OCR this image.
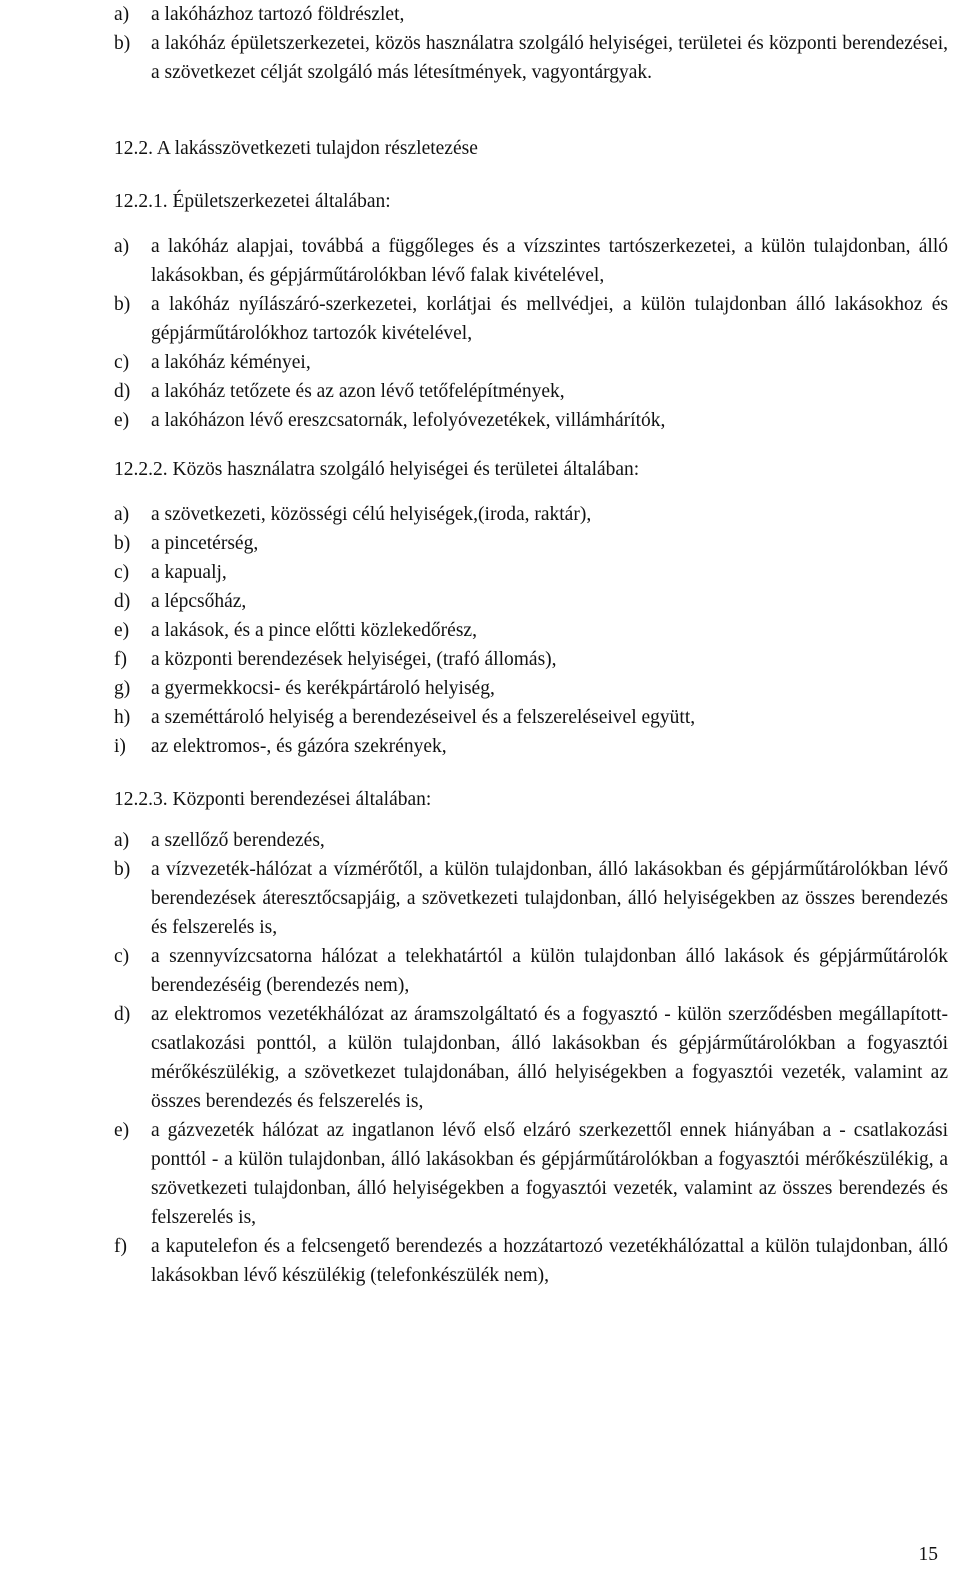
a) a lakóházhoz tartozó földrészlet,

b) a lakóház épületszerkezetei, közös használatra szolgáló helyiségei, területei és központi berendezései, a szövetkezet célját szolgáló más létesítmények, vagyontárgyak.

12.2. A lakásszövetkezeti tulajdon részletezése

12.2.1. Épületszerkezetei általában:

a) a lakóház alapjai, továbbá a függőleges és a vízszintes tartószerkezetei, a külön tulajdonban, álló lakásokban, és gépjárműtárolókban lévő falak kivételével,

b) a lakóház nyílászáró-szerkezetei, korlátjai és mellvédjei, a külön tulajdonban álló lakásokhoz és gépjárműtárolókhoz tartozók kivételével,

c) a lakóház kéményei,

d) a lakóház tetőzete és az azon lévő tetőfelépítmények,

e) a lakóházon lévő ereszcsatornák, lefolyóvezetékek, villámhárítók,

12.2.2. Közös használatra szolgáló helyiségei és területei általában:

a) a szövetkezeti, közösségi célú helyiségek,(iroda, raktár),

b) a pincetérség,

c) a kapualj,

d) a lépcsőház,

e) a lakások, és a pince előtti közlekedőrész,

f) a központi berendezések helyiségei, (trafó állomás),

g) a gyermekkocsi- és kerékpártároló helyiség,

h) a szeméttároló helyiség a berendezéseivel és a felszereléseivel együtt,

i) az elektromos-, és gázóra szekrények,

12.2.3. Központi berendezései általában:

a) a szellőző berendezés,

b) a vízvezeték-hálózat a vízmérőtől, a külön tulajdonban, álló lakásokban és gépjárműtárolókban lévő berendezések áteresztőcsapjáig, a szövetkezeti tulajdonban, álló helyiségekben az összes berendezés és felszerelés is,

c) a szennyvízcsatorna hálózat a telekhatártól a külön tulajdonban álló lakások és gépjárműtárolók berendezéséig (berendezés nem),

d) az elektromos vezetékhálózat az áramszolgáltató és a fogyasztó - külön szerződésben megállapított- csatlakozási ponttól, a külön tulajdonban, álló lakásokban és gépjárműtárolókban a fogyasztói mérőkészülékig, a szövetkezet tulajdonában, álló helyiségekben a fogyasztói vezeték, valamint az összes berendezés és felszerelés is,

e) a gázvezeték hálózat az ingatlanon lévő első elzáró szerkezettől ennek hiányában a - csatlakozási ponttól - a külön tulajdonban, álló lakásokban és gépjárműtárolókban a fogyasztói mérőkészülékig, a szövetkezeti tulajdonban, álló helyiségekben a fogyasztói vezeték, valamint az összes berendezés és felszerelés is,

f) a kaputelefon és a felcsengető berendezés a hozzátartozó vezetékhálózattal a külön tulajdonban, álló lakásokban lévő készülékig (telefonkészülék nem),

15
